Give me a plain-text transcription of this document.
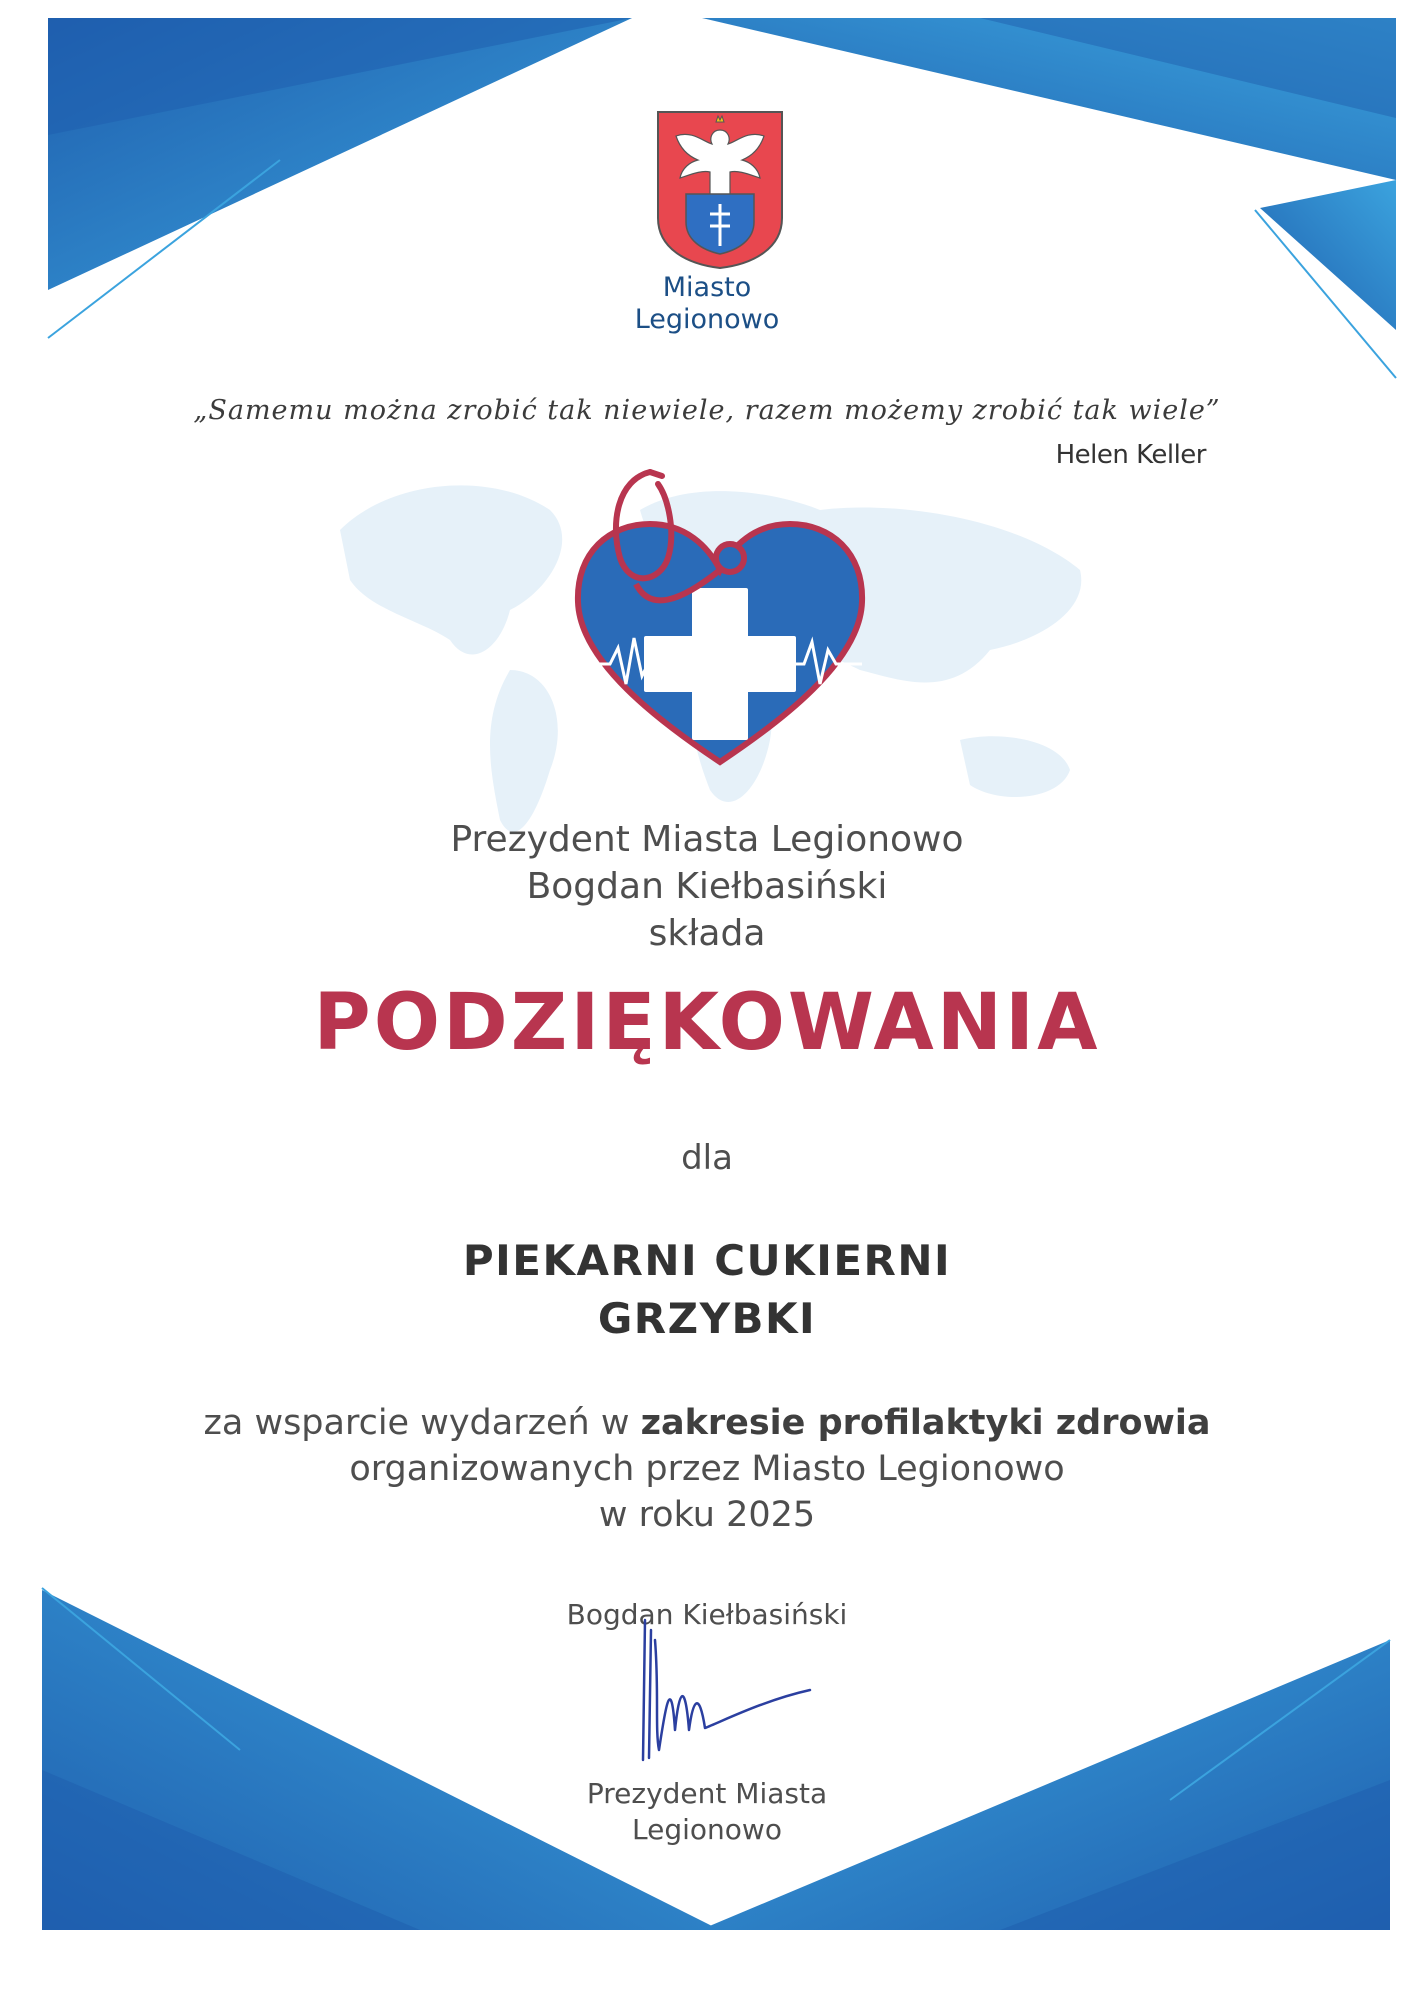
Miasto
Legionowo
„Samemu można zrobić tak niewiele, razem możemy zrobić tak wiele”
Helen Keller
Prezydent Miasta Legionowo
Bogdan Kiełbasiński
składa
PODZIĘKOWANIA
dla
PIEKARNI CUKIERNI
GRZYBKI
za wsparcie wydarzeń w zakresie profilaktyki zdrowia
organizowanych przez Miasto Legionowo
w roku 2025
Bogdan Kiełbasiński
Prezydent Miasta
Legionowo
